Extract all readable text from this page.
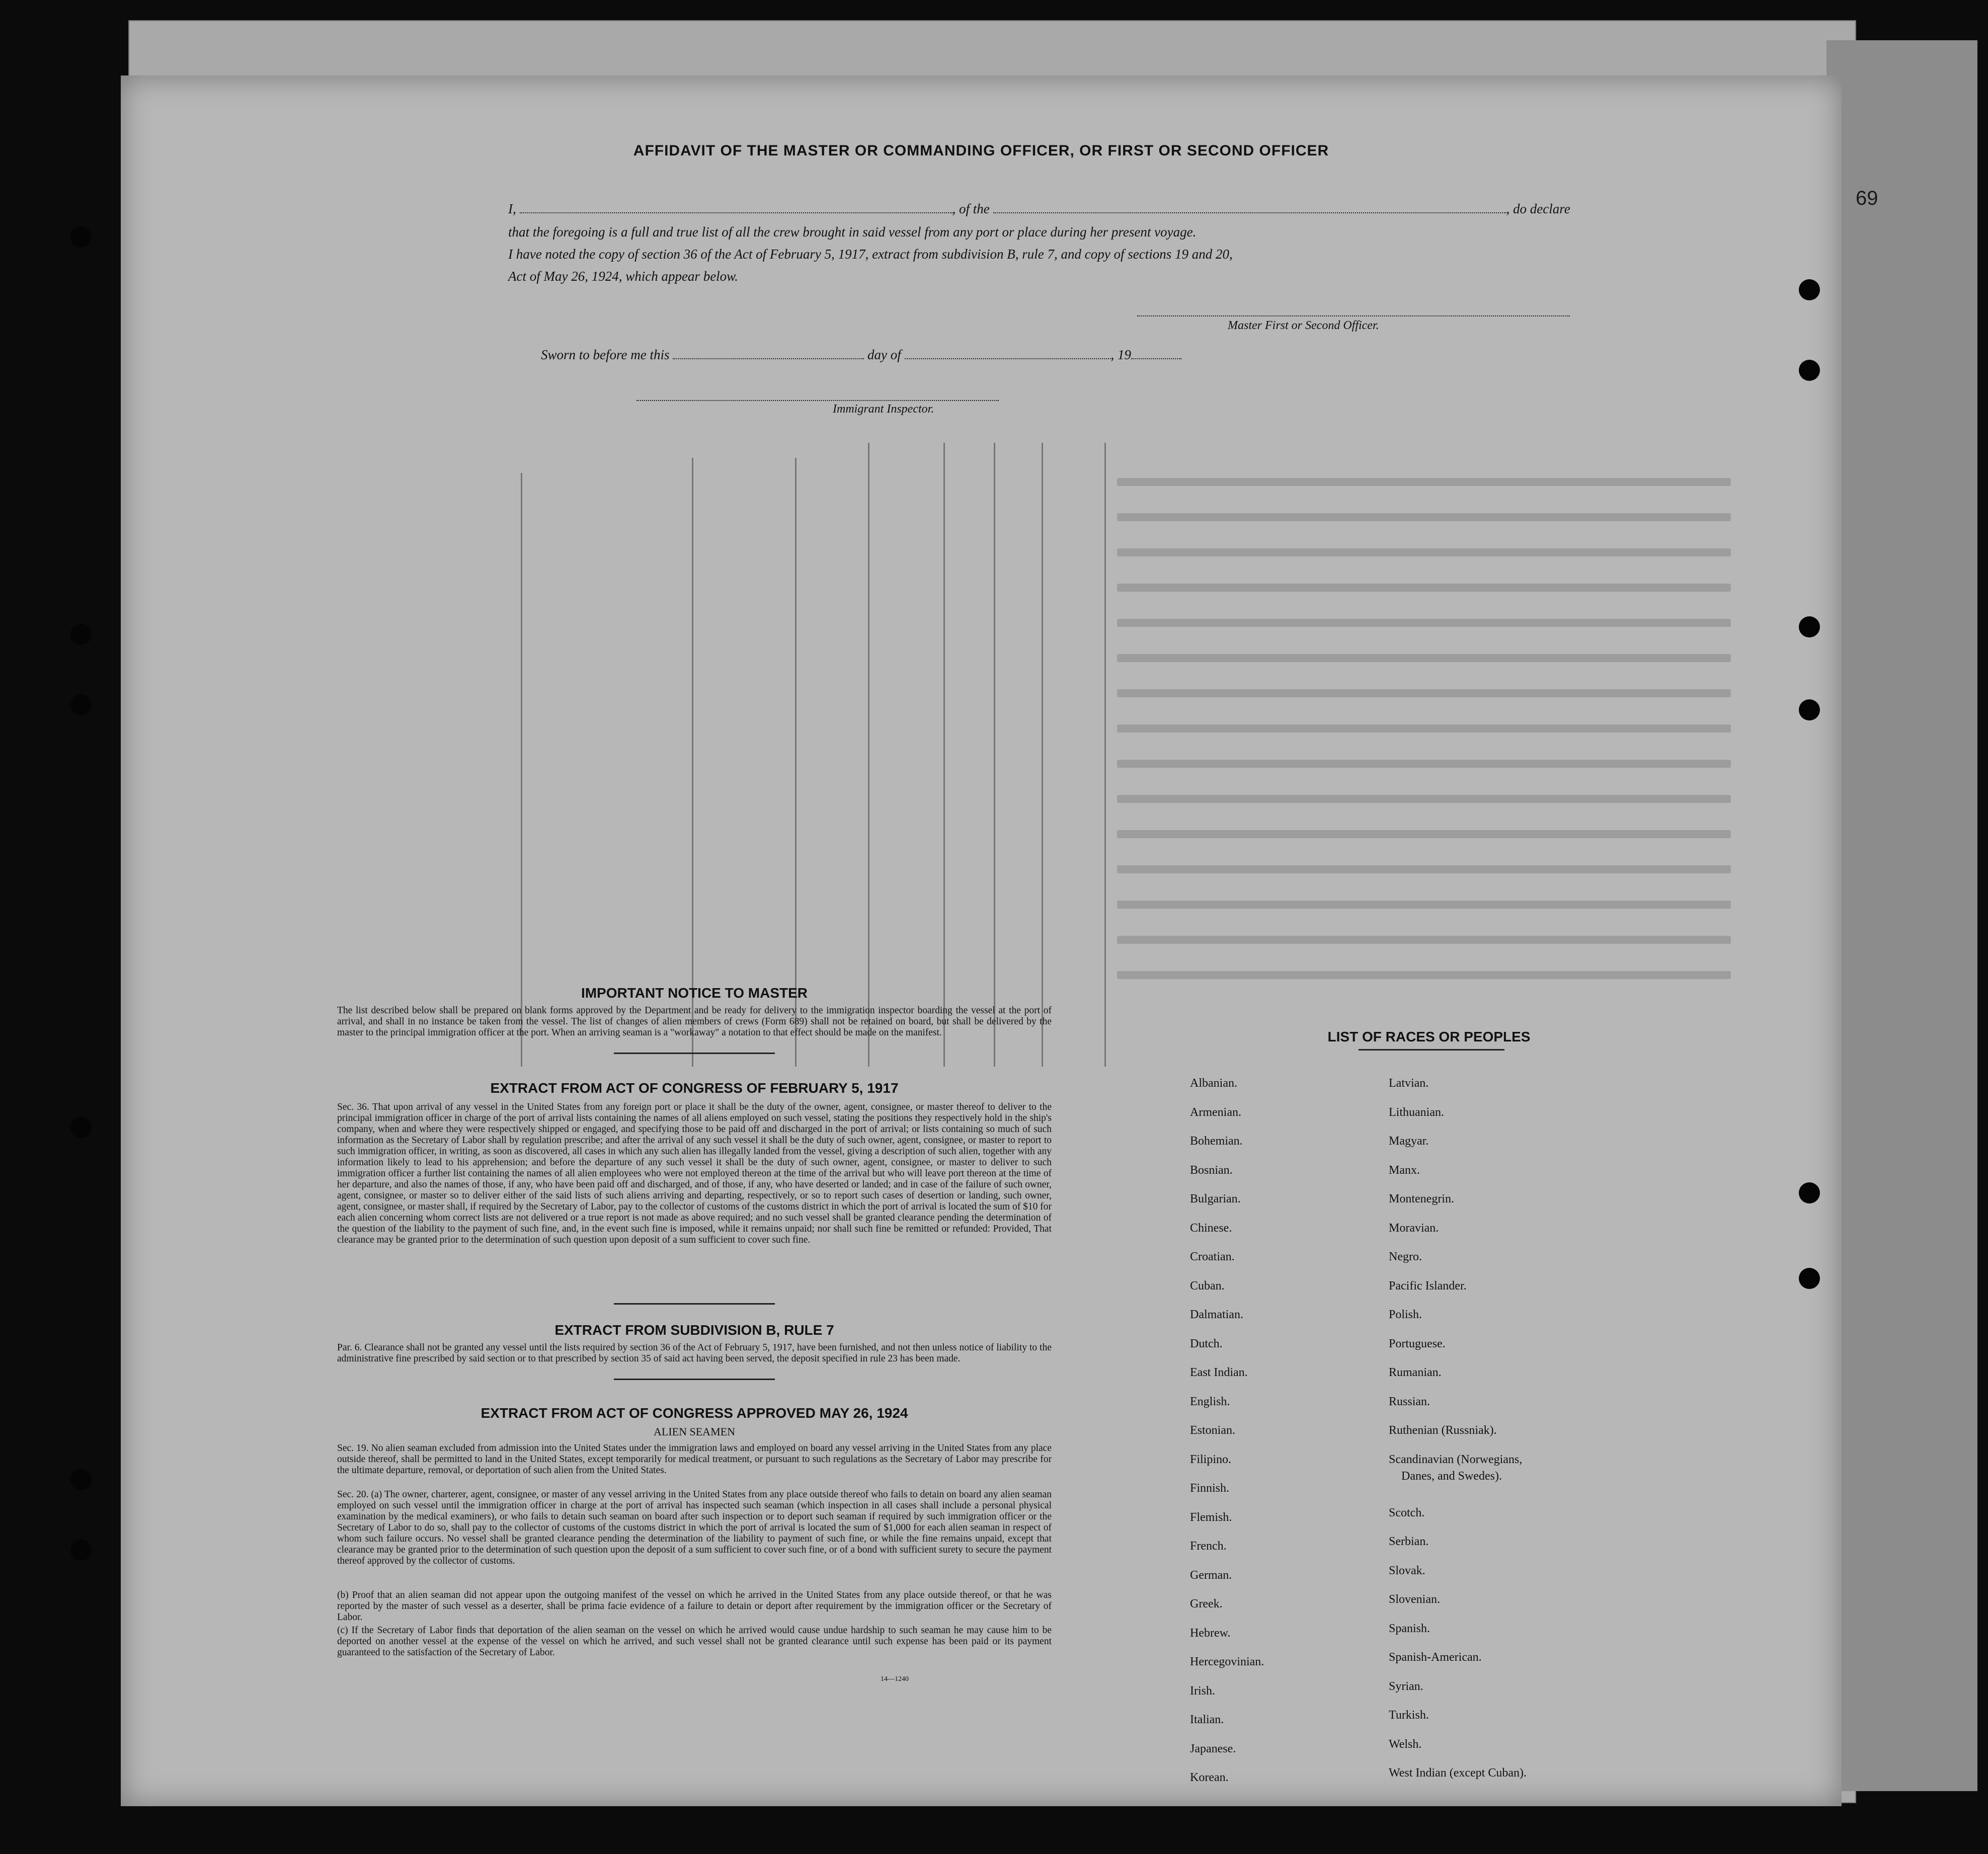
69
AFFIDAVIT OF THE MASTER OR COMMANDING OFFICER, OR FIRST OR SECOND OFFICER
I,	, of the	, do declare
that the foregoing is a full and true list of all the crew brought in said vessel from any port or place during her present voyage.
I have noted the copy of section 36 of the Act of February 5, 1917, extract from subdivision B, rule 7, and copy of sections 19 and 20,
Act of May 26, 1924, which appear below.
Master First or Second Officer.
Sworn to before me this	day of	, 19
Immigrant Inspector.
IMPORTANT NOTICE TO MASTER
The list described below shall be prepared on blank forms approved by the Department and be ready for delivery to the immigration inspector boarding the vessel at the port of arrival, and shall in no instance be taken from the vessel. The list of changes of alien members of crews (Form 689) shall not be retained on board, but shall be delivered by the master to the principal immigration officer at the port. When an arriving seaman is a "workaway" a notation to that effect should be made on the manifest.
EXTRACT FROM ACT OF CONGRESS OF FEBRUARY 5, 1917
Sec. 36. That upon arrival of any vessel in the United States from any foreign port or place it shall be the duty of the owner, agent, consignee, or master thereof to deliver to the principal immigration officer in charge of the port of arrival lists containing the names of all aliens employed on such vessel, stating the positions they respectively hold in the ship's company, when and where they were respectively shipped or engaged, and specifying those to be paid off and discharged in the port of arrival; or lists containing so much of such information as the Secretary of Labor shall by regulation prescribe; and after the arrival of any such vessel it shall be the duty of such owner, agent, consignee, or master to report to such immigration officer, in writing, as soon as discovered, all cases in which any such alien has illegally landed from the vessel, giving a description of such alien, together with any information likely to lead to his apprehension; and before the departure of any such vessel it shall be the duty of such owner, agent, consignee, or master to deliver to such immigration officer a further list containing the names of all alien employees who were not employed thereon at the time of the arrival but who will leave port thereon at the time of her departure, and also the names of those, if any, who have been paid off and discharged, and of those, if any, who have deserted or landed; and in case of the failure of such owner, agent, consignee, or master so to deliver either of the said lists of such aliens arriving and departing, respectively, or so to report such cases of desertion or landing, such owner, agent, consignee, or master shall, if required by the Secretary of Labor, pay to the collector of customs of the customs district in which the port of arrival is located the sum of $10 for each alien concerning whom correct lists are not delivered or a true report is not made as above required; and no such vessel shall be granted clearance pending the determination of the question of the liability to the payment of such fine, and, in the event such fine is imposed, while it remains unpaid; nor shall such fine be remitted or refunded: Provided, That clearance may be granted prior to the determination of such question upon deposit of a sum sufficient to cover such fine.
EXTRACT FROM SUBDIVISION B, RULE 7
Par. 6. Clearance shall not be granted any vessel until the lists required by section 36 of the Act of February 5, 1917, have been furnished, and not then unless notice of liability to the administrative fine prescribed by said section or to that prescribed by section 35 of said act having been served, the deposit specified in rule 23 has been made.
EXTRACT FROM ACT OF CONGRESS APPROVED MAY 26, 1924
ALIEN SEAMEN
Sec. 19. No alien seaman excluded from admission into the United States under the immigration laws and employed on board any vessel arriving in the United States from any place outside thereof, shall be permitted to land in the United States, except temporarily for medical treatment, or pursuant to such regulations as the Secretary of Labor may prescribe for the ultimate departure, removal, or deportation of such alien from the United States.
Sec. 20. (a) The owner, charterer, agent, consignee, or master of any vessel arriving in the United States from any place outside thereof who fails to detain on board any alien seaman employed on such vessel until the immigration officer in charge at the port of arrival has inspected such seaman (which inspection in all cases shall include a personal physical examination by the medical examiners), or who fails to detain such seaman on board after such inspection or to deport such seaman if required by such immigration officer or the Secretary of Labor to do so, shall pay to the collector of customs of the customs district in which the port of arrival is located the sum of $1,000 for each alien seaman in respect of whom such failure occurs. No vessel shall be granted clearance pending the determination of the liability to payment of such fine, or while the fine remains unpaid, except that clearance may be granted prior to the determination of such question upon the deposit of a sum sufficient to cover such fine, or of a bond with sufficient surety to secure the payment thereof approved by the collector of customs.
(b) Proof that an alien seaman did not appear upon the outgoing manifest of the vessel on which he arrived in the United States from any place outside thereof, or that he was reported by the master of such vessel as a deserter, shall be prima facie evidence of a failure to detain or deport after requirement by the immigration officer or the Secretary of Labor.
(c) If the Secretary of Labor finds that deportation of the alien seaman on the vessel on which he arrived would cause undue hardship to such seaman he may cause him to be deported on another vessel at the expense of the vessel on which he arrived, and such vessel shall not be granted clearance until such expense has been paid or its payment guaranteed to the satisfaction of the Secretary of Labor.
14—1240
LIST OF RACES OR PEOPLES
Albanian.
Armenian.
Bohemian.
Bosnian.
Bulgarian.
Chinese.
Croatian.
Cuban.
Dalmatian.
Dutch.
East Indian.
English.
Estonian.
Filipino.
Finnish.
Flemish.
French.
German.
Greek.
Hebrew.
Hercegovinian.
Irish.
Italian.
Japanese.
Korean.
Latvian.
Lithuanian.
Magyar.
Manx.
Montenegrin.
Moravian.
Negro.
Pacific Islander.
Polish.
Portuguese.
Rumanian.
Russian.
Ruthenian (Russniak).
Scandinavian (Norwegians,
Danes, and Swedes).
Scotch.
Serbian.
Slovak.
Slovenian.
Spanish.
Spanish-American.
Syrian.
Turkish.
Welsh.
West Indian (except Cuban).
